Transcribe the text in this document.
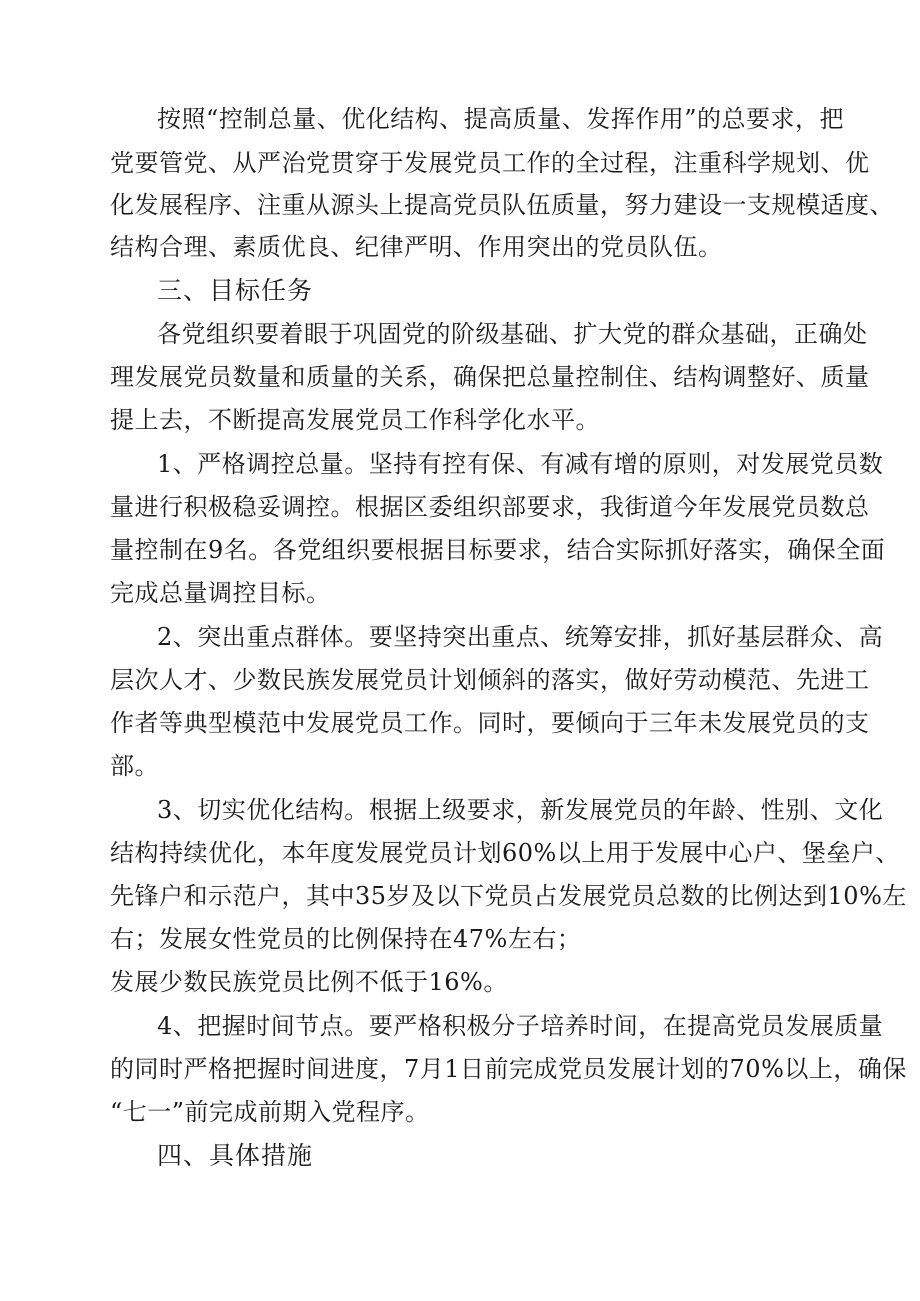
按照“控制总量、优化结构、提高质量、发挥作用”的总要求，把
党要管党、从严治党贯穿于发展党员工作的全过程，注重科学规划、优
化发展程序、注重从源头上提高党员队伍质量，努力建设一支规模适度、
结构合理、素质优良、纪律严明、作用突出的党员队伍。
三、目标任务
各党组织要着眼于巩固党的阶级基础、扩大党的群众基础，正确处
理发展党员数量和质量的关系，确保把总量控制住、结构调整好、质量
提上去，不断提高发展党员工作科学化水平。
1、严格调控总量。坚持有控有保、有减有增的原则，对发展党员数
量进行积极稳妥调控。根据区委组织部要求，我街道今年发展党员数总
量控制在9名。各党组织要根据目标要求，结合实际抓好落实，确保全面
完成总量调控目标。
2、突出重点群体。要坚持突出重点、统筹安排，抓好基层群众、高
层次人才、少数民族发展党员计划倾斜的落实，做好劳动模范、先进工
作者等典型模范中发展党员工作。同时，要倾向于三年未发展党员的支
部。
3、切实优化结构。根据上级要求，新发展党员的年龄、性别、文化
结构持续优化，本年度发展党员计划60%以上用于发展中心户、堡垒户、
先锋户和示范户，其中35岁及以下党员占发展党员总数的比例达到10%左
右；发展女性党员的比例保持在47%左右；
发展少数民族党员比例不低于16%。
4、把握时间节点。要严格积极分子培养时间，在提高党员发展质量
的同时严格把握时间进度，7月1日前完成党员发展计划的70%以上，确保
“七一”前完成前期入党程序。
四、具体措施
